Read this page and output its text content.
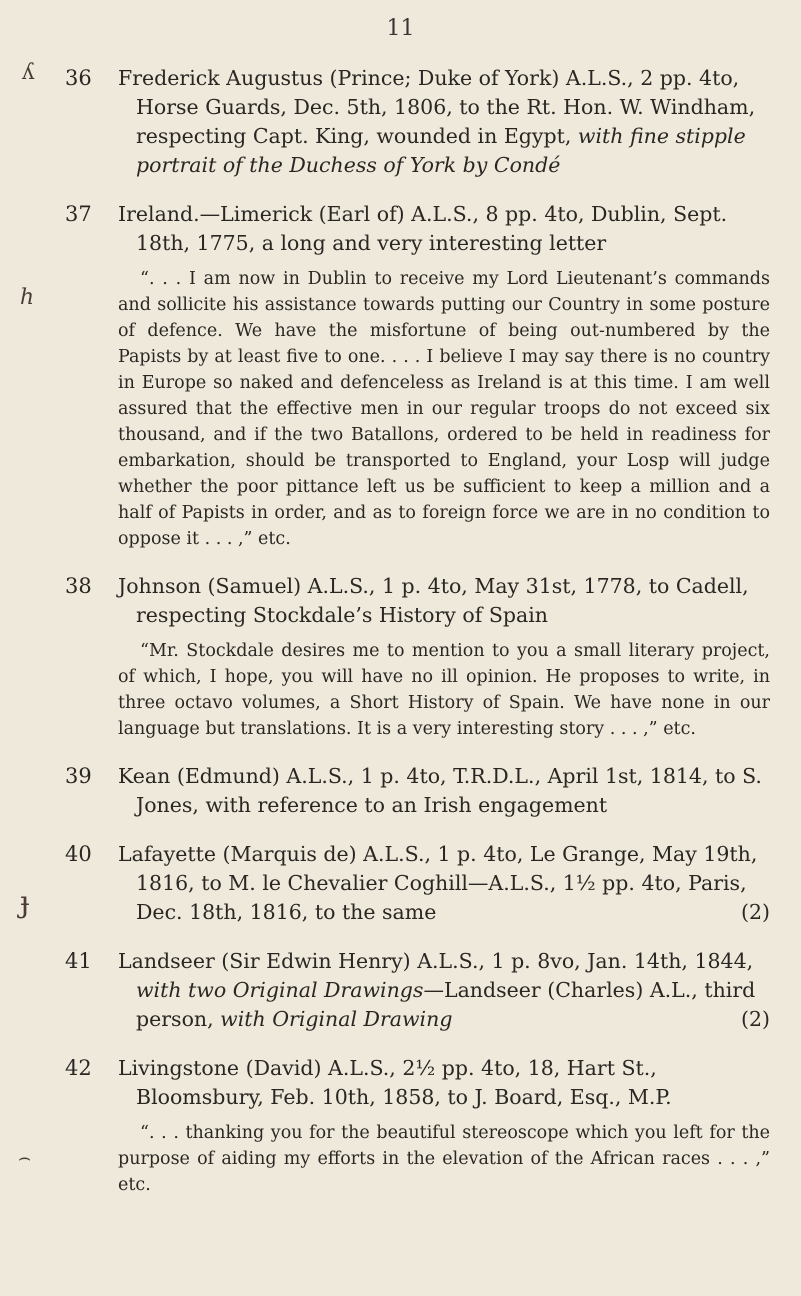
11
36 Frederick Augustus (Prince; Duke of York) A.L.S., 2 pp. 4to, Horse Guards, Dec. 5th, 1806, to the Rt. Hon. W. Windham, respecting Capt. King, wounded in Egypt, with fine stipple portrait of the Duchess of York by Condé
37 Ireland.—Limerick (Earl of) A.L.S., 8 pp. 4to, Dublin, Sept. 18th, 1775, a long and very interesting letter
“. . . I am now in Dublin to receive my Lord Lieutenant’s commands and sollicite his assistance towards putting our Country in some posture of defence. We have the misfortune of being out-numbered by the Papists by at least five to one. . . . I believe I may say there is no country in Europe so naked and defenceless as Ireland is at this time. I am well assured that the effective men in our regular troops do not exceed six thousand, and if the two Batallons, ordered to be held in readiness for embarkation, should be transported to England, your Losp will judge whether the poor pittance left us be sufficient to keep a million and a half of Papists in order, and as to foreign force we are in no condition to oppose it . . . ,” etc.
38 Johnson (Samuel) A.L.S., 1 p. 4to, May 31st, 1778, to Cadell, respecting Stockdale’s History of Spain
“Mr. Stockdale desires me to mention to you a small literary project, of which, I hope, you will have no ill opinion. He proposes to write, in three octavo volumes, a Short History of Spain. We have none in our language but translations. It is a very interesting story . . . ,” etc.
39 Kean (Edmund) A.L.S., 1 p. 4to, T.R.D.L., April 1st, 1814, to S. Jones, with reference to an Irish engagement
40 Lafayette (Marquis de) A.L.S., 1 p. 4to, Le Grange, May 19th, 1816, to M. le Chevalier Coghill—A.L.S., 1½ pp. 4to, Paris, Dec. 18th, 1816, to the same	(2)
41 Landseer (Sir Edwin Henry) A.L.S., 1 p. 8vo, Jan. 14th, 1844, with two Original Drawings—Landseer (Charles) A.L., third person, with Original Drawing	(2)
42 Livingstone (David) A.L.S., 2½ pp. 4to, 18, Hart St., Bloomsbury, Feb. 10th, 1858, to J. Board, Esq., M.P.
“. . . thanking you for the beautiful stereoscope which you left for the purpose of aiding my efforts in the elevation of the African races . . . ,” etc.
ʎ
ℎ
ɟ
⌢
